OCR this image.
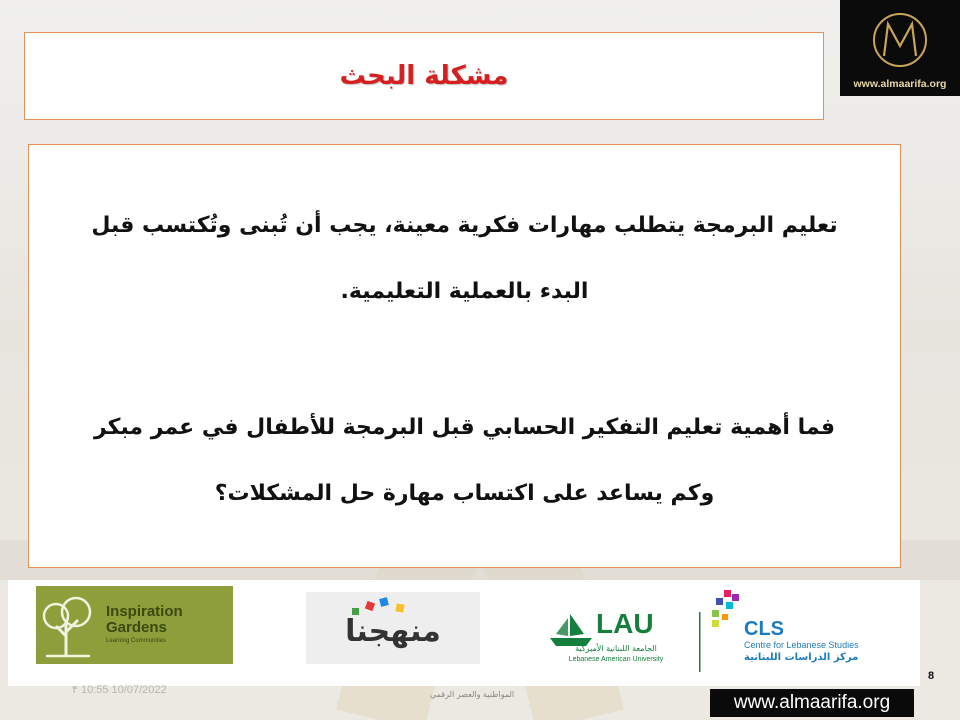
مشكلة البحث	www.almaarifa.org
تعليم البرمجة يتطلب مهارات فكرية معينة، يجب أن تُبنى وتُكتسب قبل
البدء بالعملية التعليمية.
فما أهمية تعليم التفكير الحسابي قبل البرمجة للأطفال في عمر مبكر
وكم يساعد على اكتساب مهارة حل المشكلات؟
Inspiration
Gardens
Learning Communities	منهجنا	LAU
الجامعة اللبنانية الأميركية
Lebanese American University
CLS
Centre for Lebanese Studies
مركز الدراسات اللبنانية
8
۴ 10:55 10/07/2022	المواطنية والعصر الرقمي	www.almaarifa.org
